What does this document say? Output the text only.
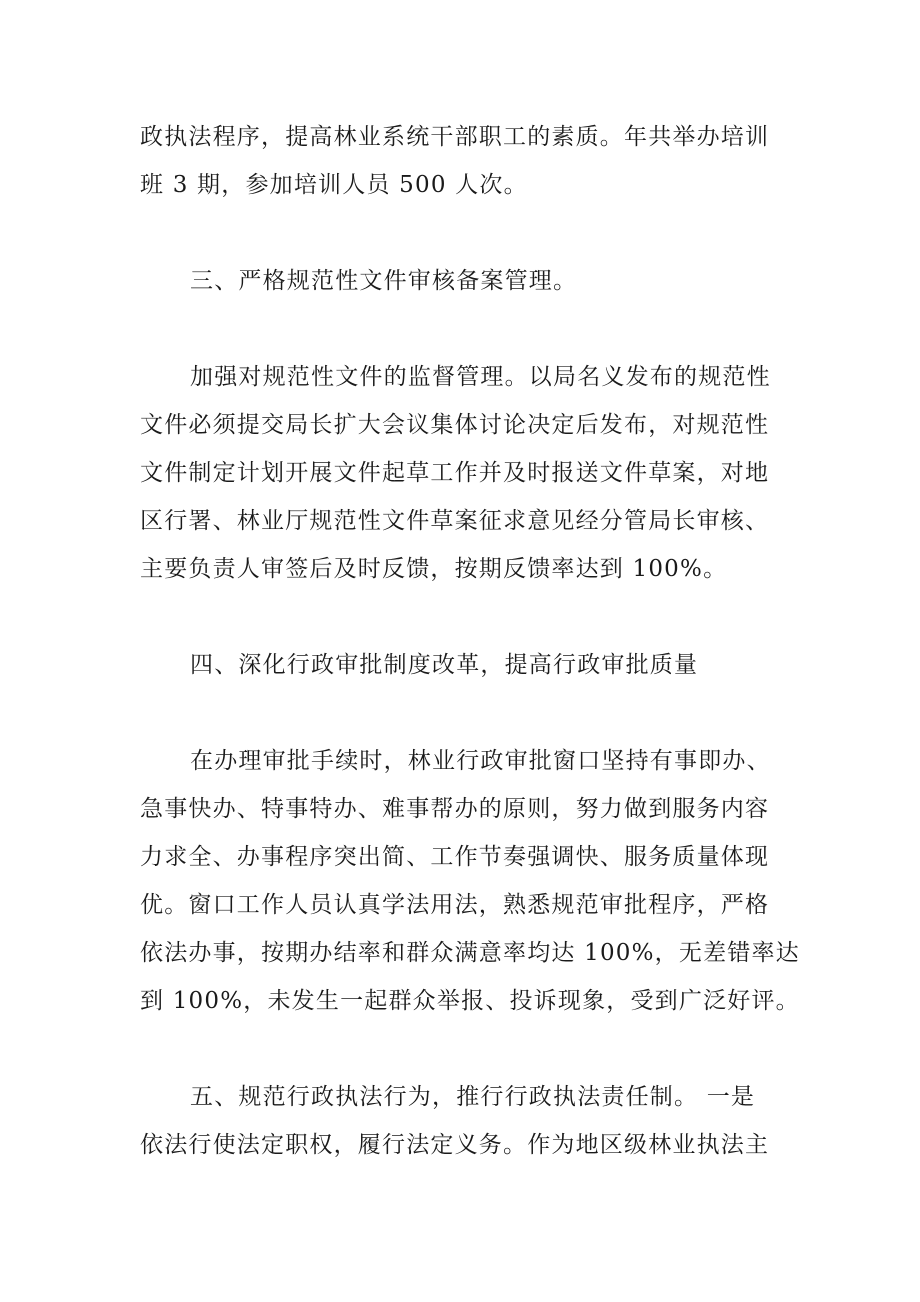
政执法程序，提高林业系统干部职工的素质。年共举办培训
班 3 期，参加培训人员 500 人次。
三、严格规范性文件审核备案管理。
加强对规范性文件的监督管理。以局名义发布的规范性
文件必须提交局长扩大会议集体讨论决定后发布，对规范性
文件制定计划开展文件起草工作并及时报送文件草案，对地
区行署、林业厅规范性文件草案征求意见经分管局长审核、
主要负责人审签后及时反馈，按期反馈率达到 100%。
四、深化行政审批制度改革，提高行政审批质量
在办理审批手续时，林业行政审批窗口坚持有事即办、
急事快办、特事特办、难事帮办的原则，努力做到服务内容
力求全、办事程序突出简、工作节奏强调快、服务质量体现
优。窗口工作人员认真学法用法，熟悉规范审批程序，严格
依法办事，按期办结率和群众满意率均达 100%，无差错率达
到 100%，未发生一起群众举报、投诉现象，受到广泛好评。
五、规范行政执法行为，推行行政执法责任制。 一是
依法行使法定职权，履行法定义务。作为地区级林业执法主
